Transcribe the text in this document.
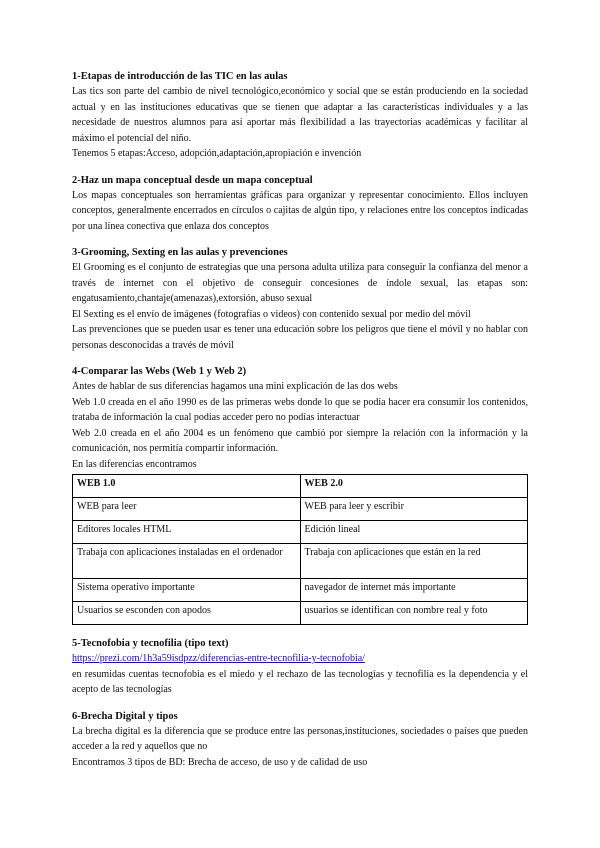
1-Etapas de introducción de las TIC en las aulas

Las tics son parte del cambio de nivel tecnológico,económico y social que se están produciendo en la sociedad actual y en las instituciones educativas que se tienen que adaptar a las características individuales y a las necesidade de nuestros alumnos para así aportar más flexibilidad a las trayectorias académicas y facilitar al máximo el potencial del niño.

Tenemos 5 etapas:Acceso, adopción,adaptación,apropiación e invención

2-Haz un mapa conceptual desde un mapa conceptual

Los mapas conceptuales son herramientas gráficas para organizar y representar conocimiento. Ellos incluyen conceptos, generalmente encerrados en círculos o cajitas de algún tipo, y relaciones entre los conceptos indicadas por una línea conectiva que enlaza dos conceptos

3-Grooming, Sexting en las aulas y prevenciones

El Grooming es el conjunto de estrategias que una persona adulta utiliza para conseguir la confianza del menor a través de internet con el objetivo de conseguir concesiones de índole sexual, las etapas son: engatusamiento,chantaje(amenazas),extorsión, abuso sexual

El Sexting es el envío de imágenes (fotografías o videos) con contenido sexual por medio del móvil

Las prevenciones que se pueden usar es tener una educación sobre los peligros que tiene el móvil y no hablar con personas desconocidas a través de móvil

4-Comparar las Webs (Web 1 y Web 2)

Antes de hablar de sus diferencias hagamos una mini explicación de las dos webs

Web 1.0 creada en el año 1990 es de las primeras webs donde lo que se podía hacer era consumir los contenidos, trataba de información la cual podías acceder pero no podías interactuar

Web 2.0 creada en el año 2004 es un fenómeno que cambió por siempre la relación con la información y la comunicación, nos permitía compartir información.

En las diferencias encontramos

WEB 1.0	WEB 2.0
WEB para leer	WEB para leer y escribir
Editores locales HTML	Edición lineal
Trabaja con aplicaciones instaladas en el ordenador	Trabaja con aplicaciones que están en la red
Sistema operativo importante	navegador de internet más importante
Usuarios se esconden con apodos	usuarios se identifican con nombre real y foto
5-Tecnofobia y tecnofilia (tipo text)
https://prezi.com/1h3a59isdpzz/diferencias-entre-tecnofilia-y-tecnofobia/

en resumidas cuentas tecnofobia es el miedo y el rechazo de las tecnologías y tecnofilia es la dependencia y el acepto de las tecnologías

6-Brecha Digital y tipos

La brecha digital es la diferencia que se produce entre las personas,instituciones, sociedades o países que pueden acceder a la red y aquellos que no

Encontramos 3 tipos de BD: Brecha de acceso, de uso y de calidad de uso
